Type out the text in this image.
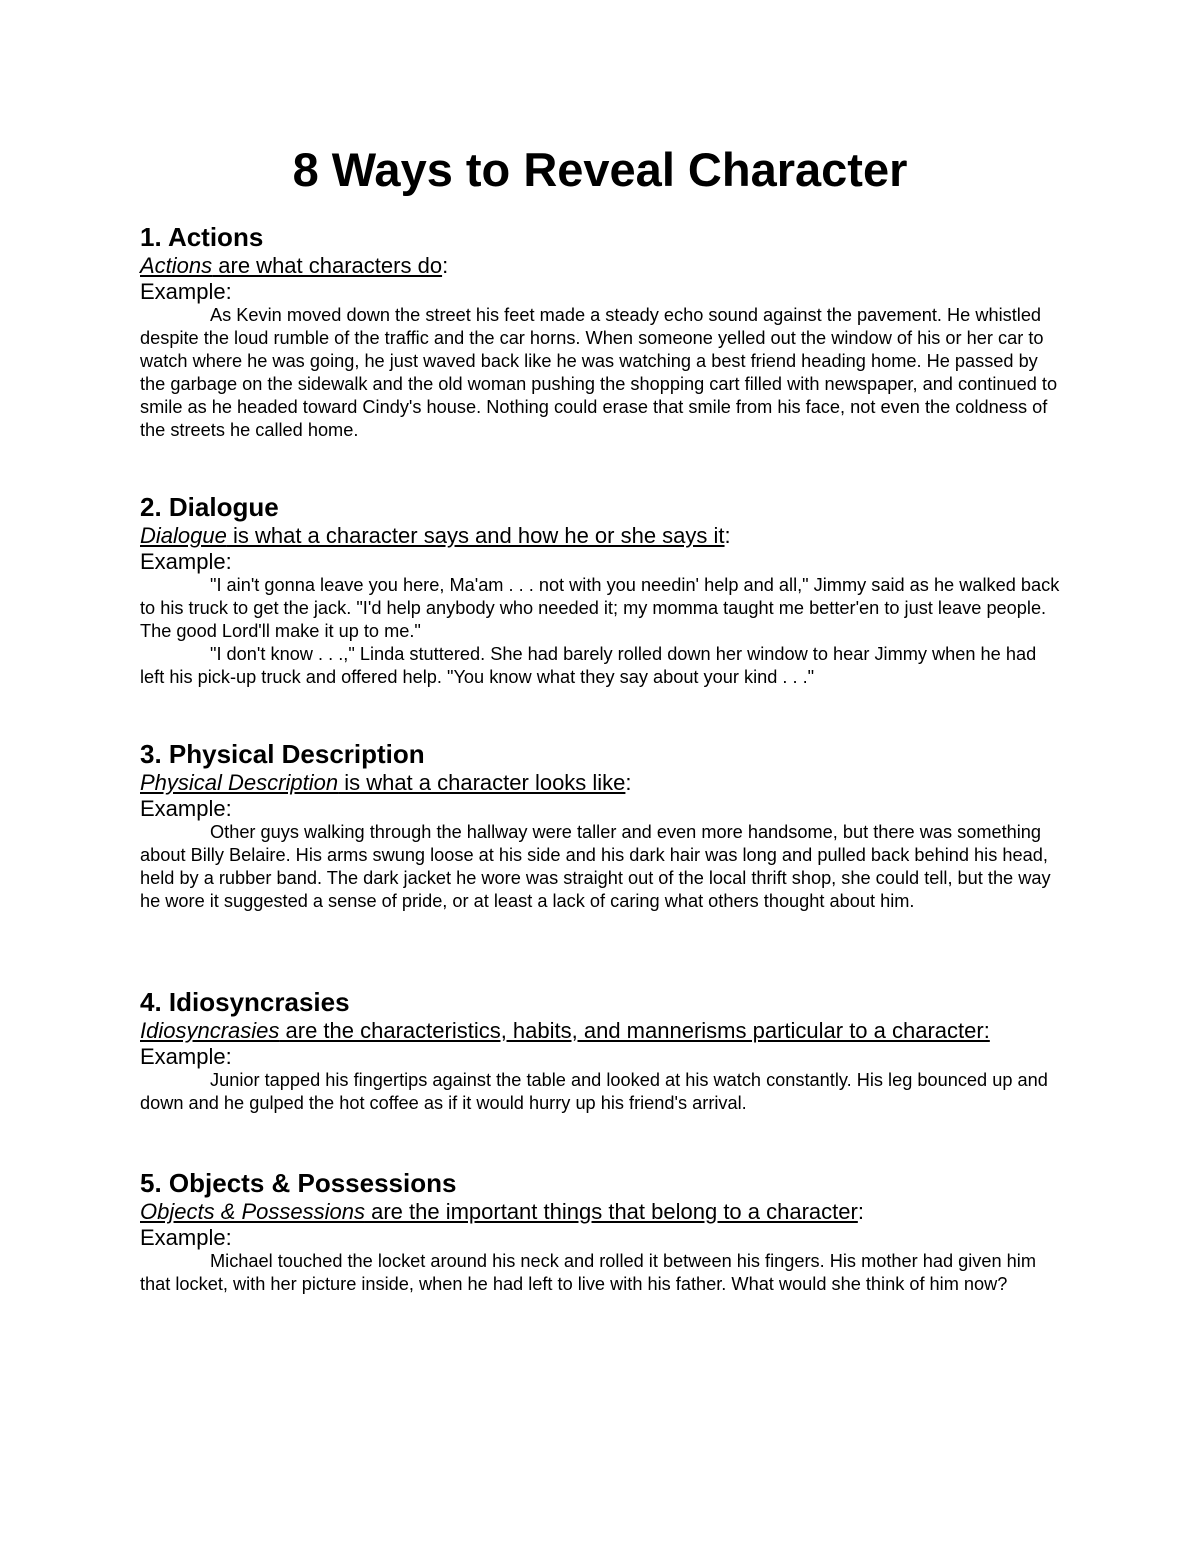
8 Ways to Reveal Character

1. Actions

Actions are what characters do:

Example:

As Kevin moved down the street his feet made a steady echo sound against the pavement. He whistled despite the loud rumble of the traffic and the car horns. When someone yelled out the window of his or her car to watch where he was going, he just waved back like he was watching a best friend heading home. He passed by the garbage on the sidewalk and the old woman pushing the shopping cart filled with newspaper, and continued to smile as he headed toward Cindy's house. Nothing could erase that smile from his face, not even the coldness of the streets he called home.

2. Dialogue

Dialogue is what a character says and how he or she says it:

Example:

"I ain't gonna leave you here, Ma'am . . . not with you needin' help and all," Jimmy said as he walked back to his truck to get the jack. "I'd help anybody who needed it; my momma taught me better'en to just leave people. The good Lord'll make it up to me."

"I don't know . . .," Linda stuttered. She had barely rolled down her window to hear Jimmy when he had left his pick-up truck and offered help. "You know what they say about your kind . . ."

3. Physical Description

Physical Description is what a character looks like:

Example:

Other guys walking through the hallway were taller and even more handsome, but there was something about Billy Belaire. His arms swung loose at his side and his dark hair was long and pulled back behind his head, held by a rubber band. The dark jacket he wore was straight out of the local thrift shop, she could tell, but the way he wore it suggested a sense of pride, or at least a lack of caring what others thought about him.

4. Idiosyncrasies

Idiosyncrasies are the characteristics, habits, and mannerisms particular to a character:

Example:

Junior tapped his fingertips against the table and looked at his watch constantly. His leg bounced up and down and he gulped the hot coffee as if it would hurry up his friend's arrival.

5. Objects & Possessions

Objects & Possessions are the important things that belong to a character:

Example:

Michael touched the locket around his neck and rolled it between his fingers. His mother had given him that locket, with her picture inside, when he had left to live with his father. What would she think of him now?
